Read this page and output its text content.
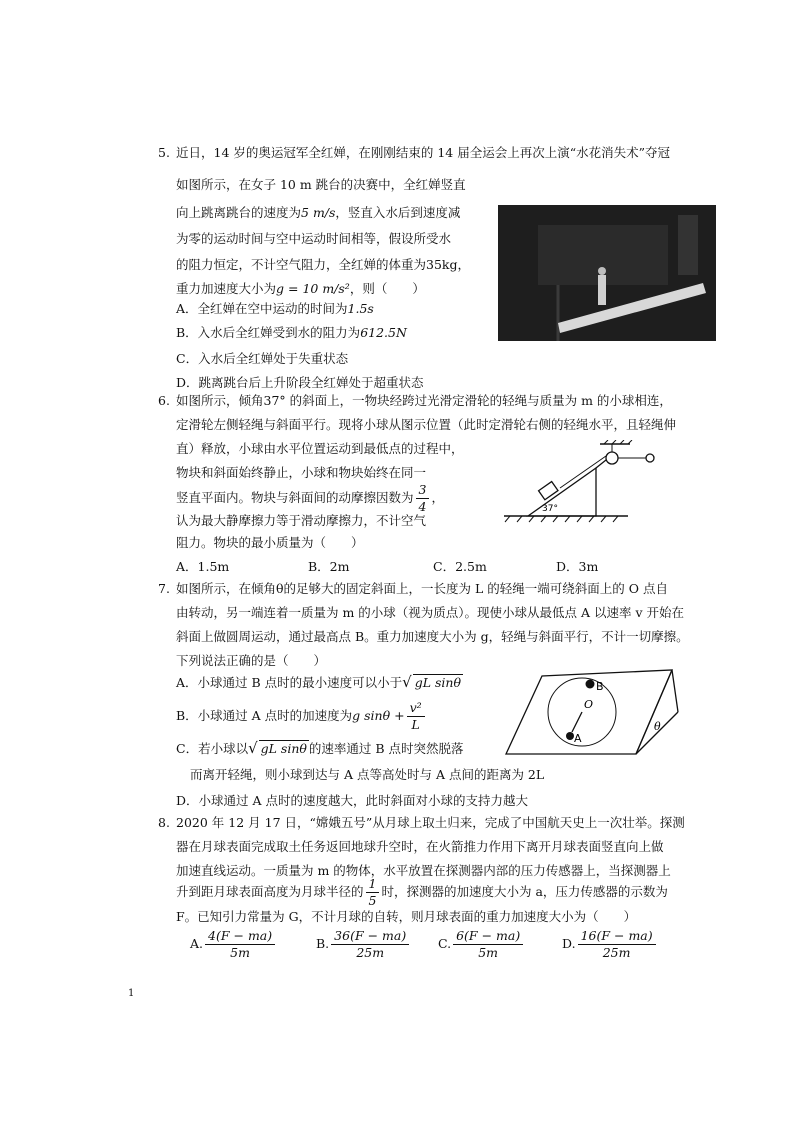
5. 近日，14 岁的奥运冠军全红婵，在刚刚结束的 14 届全运会上再次上演“水花消失术”夺冠
如图所示，在女子 10 m 跳台的决赛中，全红婵竖直
向上跳离跳台的速度为5 m/s，竖直入水后到速度减
为零的运动时间与空中运动时间相等，假设所受水
的阻力恒定，不计空气阻力，全红婵的体重为35kg，
重力加速度大小为g = 10 m/s²，则（　　）
A．全红婵在空中运动的时间为1.5s
B．入水后全红婵受到水的阻力为612.5N
C．入水后全红婵处于失重状态
D．跳离跳台后上升阶段全红婵处于超重状态
6. 如图所示，倾角37° 的斜面上，一物块经跨过光滑定滑轮的轻绳与质量为 m 的小球相连，
定滑轮左侧轻绳与斜面平行。现将小球从图示位置（此时定滑轮右侧的轻绳水平，且轻绳伸
直）释放，小球由水平位置运动到最低点的过程中，
物块和斜面始终静止，小球和物块始终在同一
竖直平面内。物块与斜面间的动摩擦因数为 $\frac{3}{4}$ ，
认为最大静摩擦力等于滑动摩擦力，不计空气
阻力。物块的最小质量为（　　）
A．1.5m	B．2m	C．2.5m	D．3m
37°
7. 如图所示，在倾角θ的足够大的固定斜面上，一长度为 L 的轻绳一端可绕斜面上的 O 点自
由转动，另一端连着一质量为 m 的小球（视为质点）。现使小球从最低点 A 以速率 v 开始在
斜面上做圆周运动，通过最高点 B。重力加速度大小为 g，轻绳与斜面平行，不计一切摩擦。
下列说法正确的是（　　）
A．小球通过 B 点时的最小速度可以小于√ gL sinθ
B．小球通过 A 点时的加速度为g $\sin\theta + \frac{\text{v²}}{L}$
C．若小球以√ gL sinθ 的速率通过 B 点时突然脱落
而离开轻绳，则小球到达与 A 点等高处时与 A 点间的距离为 2L
D．小球通过 A 点时的速度越大，此时斜面对小球的支持力越大
B
O
A
θ
8. 2020 年 12 月 17 日，“嫦娥五号”从月球上取土归来，完成了中国航天史上一次壮举。探测
器在月球表面完成取土任务返回地球升空时，在火箭推力作用下离开月球表面竖直向上做
加速直线运动。一质量为 m 的物体，水平放置在探测器内部的压力传感器上，当探测器上
升到距月球表面高度为月球半径的 $\frac{1}{5}$ 时，探测器的加速度大小为 a，压力传感器的示数为
F。已知引力常量为 G，不计月球的自转，则月球表面的重力加速度大小为（　　）
A. $\frac{4(F - ma)}{5m}$	B. $\frac{36(F - ma)}{25m} C$. $\frac{6(F - ma)}{5m}$	D. $\frac{16(F - ma)}{25m}$
1
